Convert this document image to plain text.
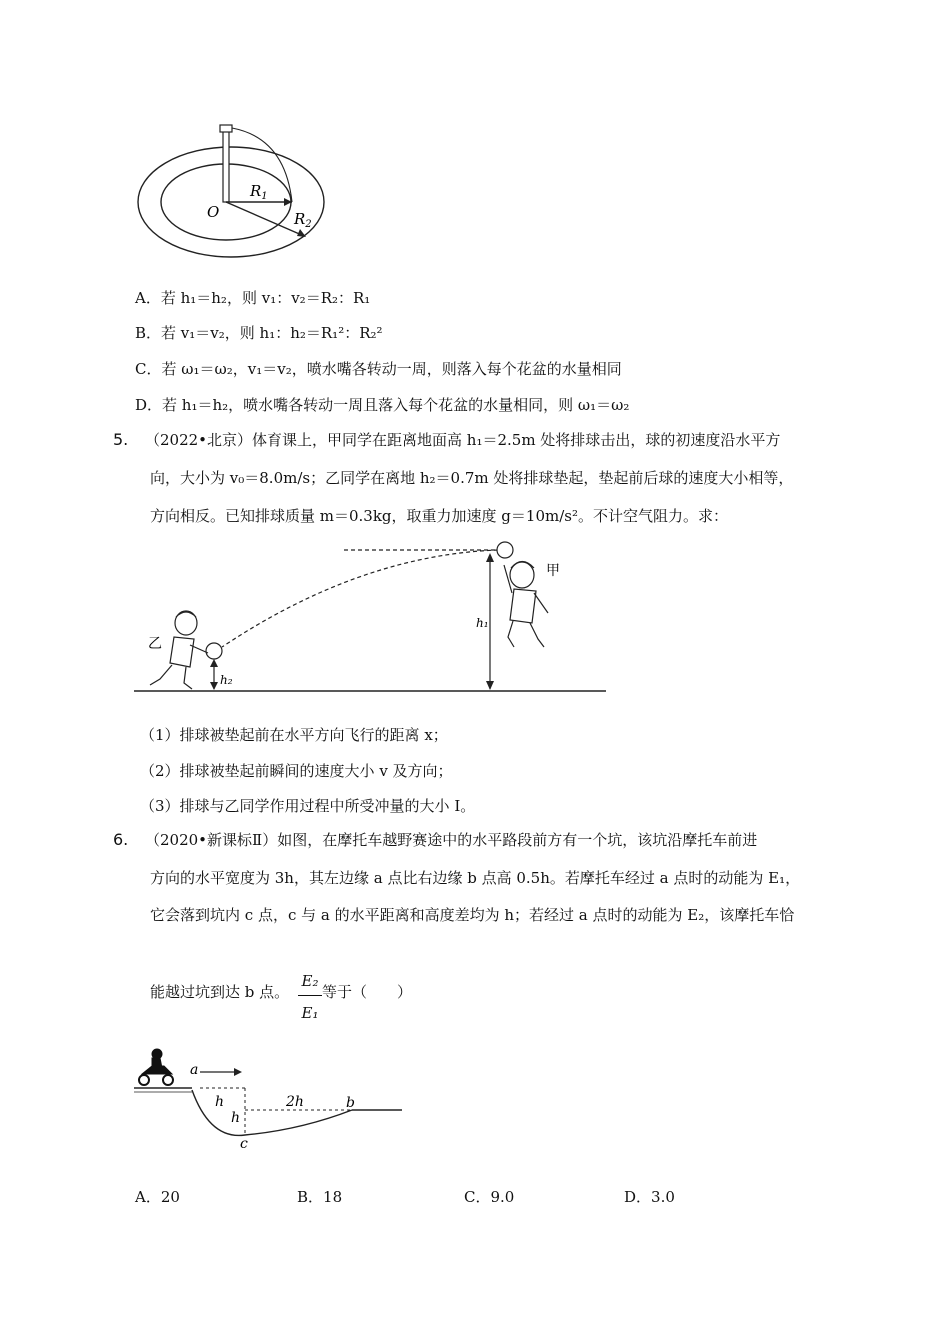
O
$R_1$
$R_2$
A．若 h₁＝h₂，则 v₁：v₂＝R₂：R₁
B．若 v₁＝v₂，则 h₁：h₂＝R₁²：R₂²
C．若 ω₁＝ω₂，v₁＝v₂，喷水嘴各转动一周，则落入每个花盆的水量相同
D．若 h₁＝h₂，喷水嘴各转动一周且落入每个花盆的水量相同，则 ω₁＝ω₂
5. （2022•北京）体育课上，甲同学在距离地面高 h₁＝2.5m 处将排球击出，球的初速度沿水平方
向，大小为 v₀＝8.0m/s；乙同学在离地 h₂＝0.7m 处将排球垫起，垫起前后球的速度大小相等，
方向相反。已知排球质量 m＝0.3kg，取重力加速度 g＝10m/s²。不计空气阻力。求：
甲
乙
h₁
h₂
（1）排球被垫起前在水平方向飞行的距离 x；
（2）排球被垫起前瞬间的速度大小 v 及方向；
（3）排球与乙同学作用过程中所受冲量的大小 I。
6. （2020•新课标Ⅱ）如图，在摩托车越野赛途中的水平路段前方有一个坑，该坑沿摩托车前进
方向的水平宽度为 3h，其左边缘 a 点比右边缘 b 点高 0.5h。若摩托车经过 a 点时的动能为 E₁，
它会落到坑内 c 点，c 与 a 的水平距离和高度差均为 h；若经过 a 点时的动能为 E₂，该摩托车恰
能越过坑到达 b 点。
E₂
E₁
等于（　　）
a
b
c
h
h
2h
A．20	B．18	C．9.0	D．3.0
